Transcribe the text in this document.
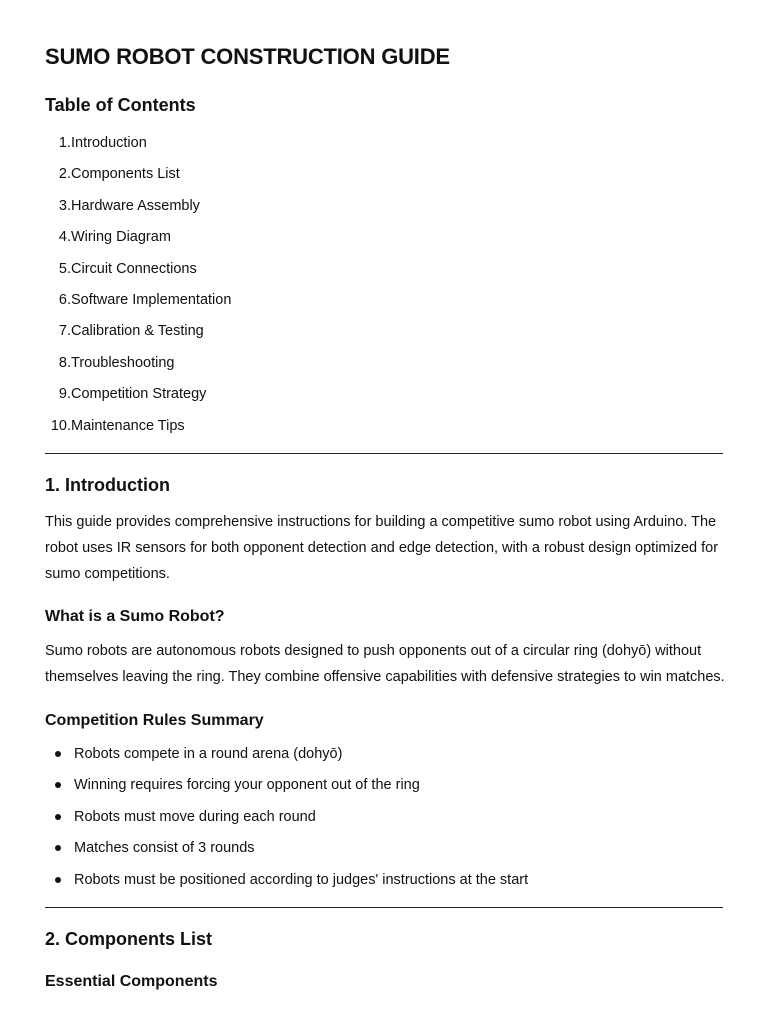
SUMO ROBOT CONSTRUCTION GUIDE
Table of Contents
1. Introduction
2. Components List
3. Hardware Assembly
4. Wiring Diagram
5. Circuit Connections
6. Software Implementation
7. Calibration & Testing
8. Troubleshooting
9. Competition Strategy
10. Maintenance Tips
1. Introduction

This guide provides comprehensive instructions for building a competitive sumo robot using Arduino. The robot uses IR sensors for both opponent detection and edge detection, with a robust design optimized for sumo competitions.

What is a Sumo Robot?

Sumo robots are autonomous robots designed to push opponents out of a circular ring (dohyō) without themselves leaving the ring. They combine offensive capabilities with defensive strategies to win matches.

Competition Rules Summary
Robots compete in a round arena (dohyō)
Winning requires forcing your opponent out of the ring
Robots must move during each round
Matches consist of 3 rounds
Robots must be positioned according to judges' instructions at the start
2. Components List
Essential Components
